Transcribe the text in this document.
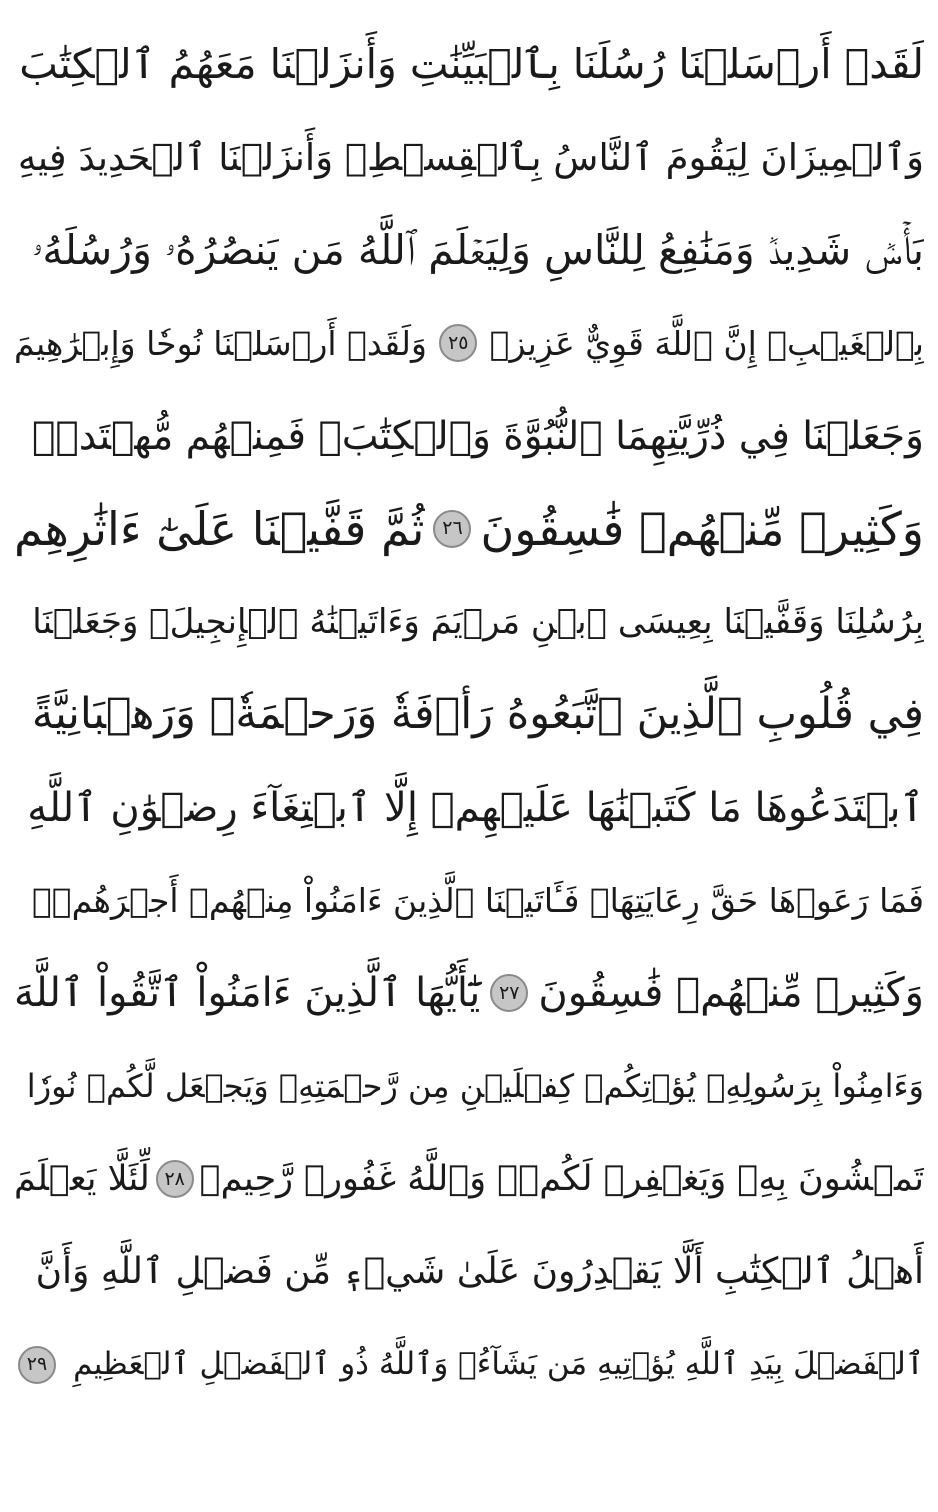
لَقَدۡ أَرۡسَلۡنَا رُسُلَنَا بِٱلۡبَيِّنَٰتِ وَأَنزَلۡنَا مَعَهُمُ ٱلۡكِتَٰبَ
وَٱلۡمِيزَانَ لِيَقُومَ ٱلنَّاسُ بِٱلۡقِسۡطِۖ وَأَنزَلۡنَا ٱلۡحَدِيدَ فِيهِ
بَأۡسٞ شَدِيدٞ وَمَنَٰفِعُ لِلنَّاسِ وَلِيَعۡلَمَ ٱللَّهُ مَن يَنصُرُهُۥ وَرُسُلَهُۥ
بِٱلۡغَيۡبِۚ إِنَّ ٱللَّهَ قَوِيٌّ عَزِيزٞ
٢٥
وَلَقَدۡ أَرۡسَلۡنَا نُوحٗا وَإِبۡرَٰهِيمَ
وَجَعَلۡنَا فِي ذُرِّيَّتِهِمَا ٱلنُّبُوَّةَ وَٱلۡكِتَٰبَۖ فَمِنۡهُم مُّهۡتَدٖۖ
وَكَثِيرٞ مِّنۡهُمۡ فَٰسِقُونَ
٢٦
ثُمَّ قَفَّيۡنَا عَلَىٰٓ ءَاثَٰرِهِم
بِرُسُلِنَا وَقَفَّيۡنَا بِعِيسَى ٱبۡنِ مَرۡيَمَ وَءَاتَيۡنَٰهُ ٱلۡإِنجِيلَۖ وَجَعَلۡنَا
فِي قُلُوبِ ٱلَّذِينَ ٱتَّبَعُوهُ رَأۡفَةٗ وَرَحۡمَةٗۚ وَرَهۡبَانِيَّةً
ٱبۡتَدَعُوهَا مَا كَتَبۡنَٰهَا عَلَيۡهِمۡ إِلَّا ٱبۡتِغَآءَ رِضۡوَٰنِ ٱللَّهِ
فَمَا رَعَوۡهَا حَقَّ رِعَايَتِهَاۖ فَـَٔاتَيۡنَا ٱلَّذِينَ ءَامَنُواْ مِنۡهُمۡ أَجۡرَهُمۡۖ
وَكَثِيرٞ مِّنۡهُمۡ فَٰسِقُونَ
٢٧
يَٰٓأَيُّهَا ٱلَّذِينَ ءَامَنُواْ ٱتَّقُواْ ٱللَّهَ
وَءَامِنُواْ بِرَسُولِهِۦ يُؤۡتِكُمۡ كِفۡلَيۡنِ مِن رَّحۡمَتِهِۦ وَيَجۡعَل لَّكُمۡ نُورٗا
تَمۡشُونَ بِهِۦ وَيَغۡفِرۡ لَكُمۡۚ وَٱللَّهُ غَفُورٞ رَّحِيمٞ
٢٨
لِّئَلَّا يَعۡلَمَ
أَهۡلُ ٱلۡكِتَٰبِ أَلَّا يَقۡدِرُونَ عَلَىٰ شَيۡءٖ مِّن فَضۡلِ ٱللَّهِ وَأَنَّ
ٱلۡفَضۡلَ بِيَدِ ٱللَّهِ يُؤۡتِيهِ مَن يَشَآءُۚ وَٱللَّهُ ذُو ٱلۡفَضۡلِ ٱلۡعَظِيمِ
٢٩
